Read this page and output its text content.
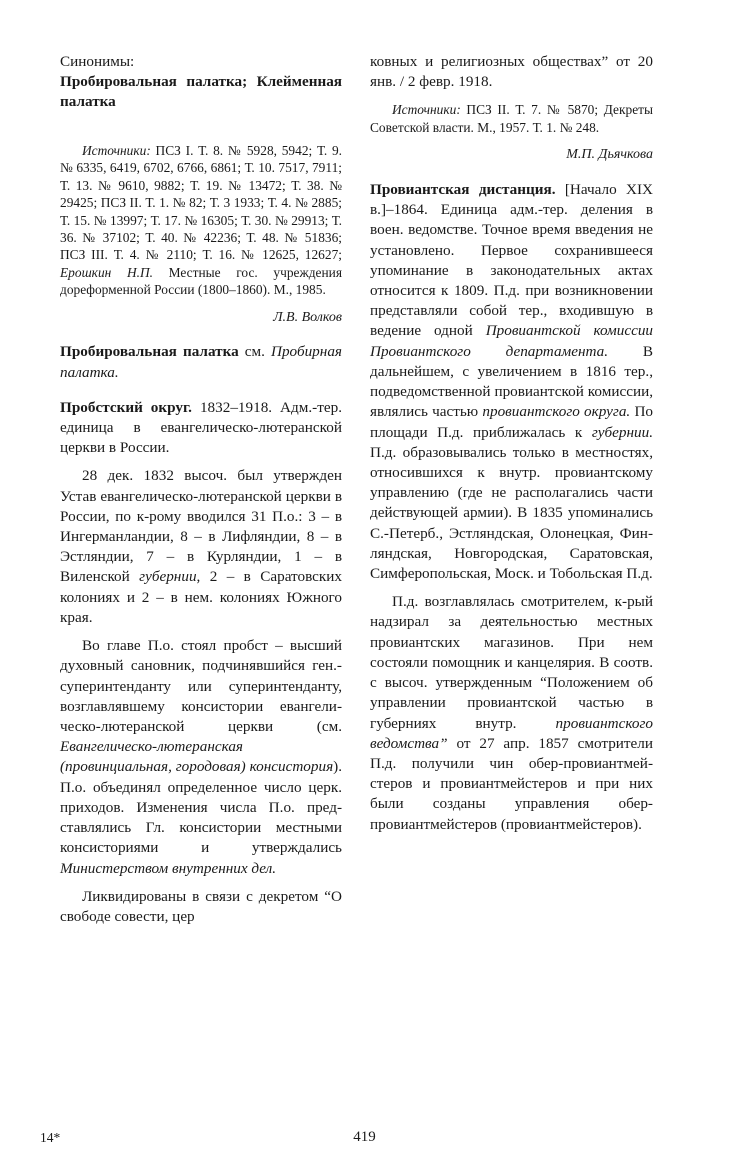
Синонимы:

Пробировальная палатка; Клейменная палатка

Источники: ПСЗ I. Т. 8. № 5928, 5942; Т. 9. № 6335, 6419, 6702, 6766, 6861; Т. 10. 7517, 7911; Т. 13. № 9610, 9882; Т. 19. № 13472; Т. 38. № 29425; ПСЗ II. Т. 1. № 82; Т. 3 1933; Т. 4. № 2885; Т. 15. № 13997; Т. 17. № 16305; Т. 30. № 29913; Т. 36. № 37102; Т. 40. № 42236; Т. 48. № 51836; ПСЗ III. Т. 4. № 2110; Т. 16. № 12625, 12627; Ерошкин Н.П. Местные гос. учреждения дореформенной России (1800–1860). М., 1985.

Л.В. Волков

Пробировальная палатка см. Пробирная палатка.

Пробстский округ. 1832–1918. Адм.-тер. единица в евангелическо-лютеранской церкви в России.

28 дек. 1832 высоч. был утвержден Устав евангелическо-лютеранской церкви в России, по к-рому вводился 31 П.о.: 3 – в Ингерманландии, 8 – в Лифляндии, 8 – в Эстляндии, 7 – в Курляндии, 1 – в Виленской губернии, 2 – в Саратовских колониях и 2 – в нем. колониях Южного края.

Во главе П.о. стоял пробст – высший духовный сановник, подчинявшийся ген.-суперинтенданту или суперинтенданту, возглавлявшему консистории евангелическо-лютеранской церкви (см. Евангелическо-лютеранская (провинциальная, городовая) консистория). П.о. объединял определенное число церк. приходов. Изменения числа П.о. представлялись Гл. консистории местными консисториями и утверждались Министерством внутренних дел.

Ликвидированы в связи с декретом “О свободе совести, цер

ковных и религиозных обществах” от 20 янв. / 2 февр. 1918.

Источники: ПСЗ II. Т. 7. № 5870; Декреты Советской власти. М., 1957. Т. 1. № 248.

М.П. Дьячкова

Провиантская дистанция. [Начало XIX в.]–1864. Единица адм.-тер. деления в воен. ведомстве. Точное время введения не установлено. Первое сохранившееся упоминание в законодательных актах относится к 1809. П.д. при возникновении представляли собой тер., входившую в ведение одной Провиантской комиссии Провиантского департамента. В дальнейшем, с увеличением в 1816 тер., подведомственной провиантской комиссии, являлись частью провиантского округа. По площади П.д. приближалась к губернии. П.д. образовывались только в местностях, относившихся к внутр. провиантскому управлению (где не располагались части действующей армии). В 1835 упоминались С.-Петерб., Эстляндская, Олонецкая, Финляндская, Новгородская, Саратовская, Симферопольская, Моск. и Тобольская П.д.

П.д. возглавлялась смотрителем, к-рый надзирал за деятельностью местных провиантских магазинов. При нем состояли помощник и канцелярия. В соотв. с высоч. утвержденным “Положением об управлении провиантской частью в губерниях внутр. провиантского ведомства” от 27 апр. 1857 смотрители П.д. получили чин обер-провиантмейстеров и провиантмейстеров и при них были созданы управления обер-провиантмейстеров (провиантмейстеров).

14*	419
